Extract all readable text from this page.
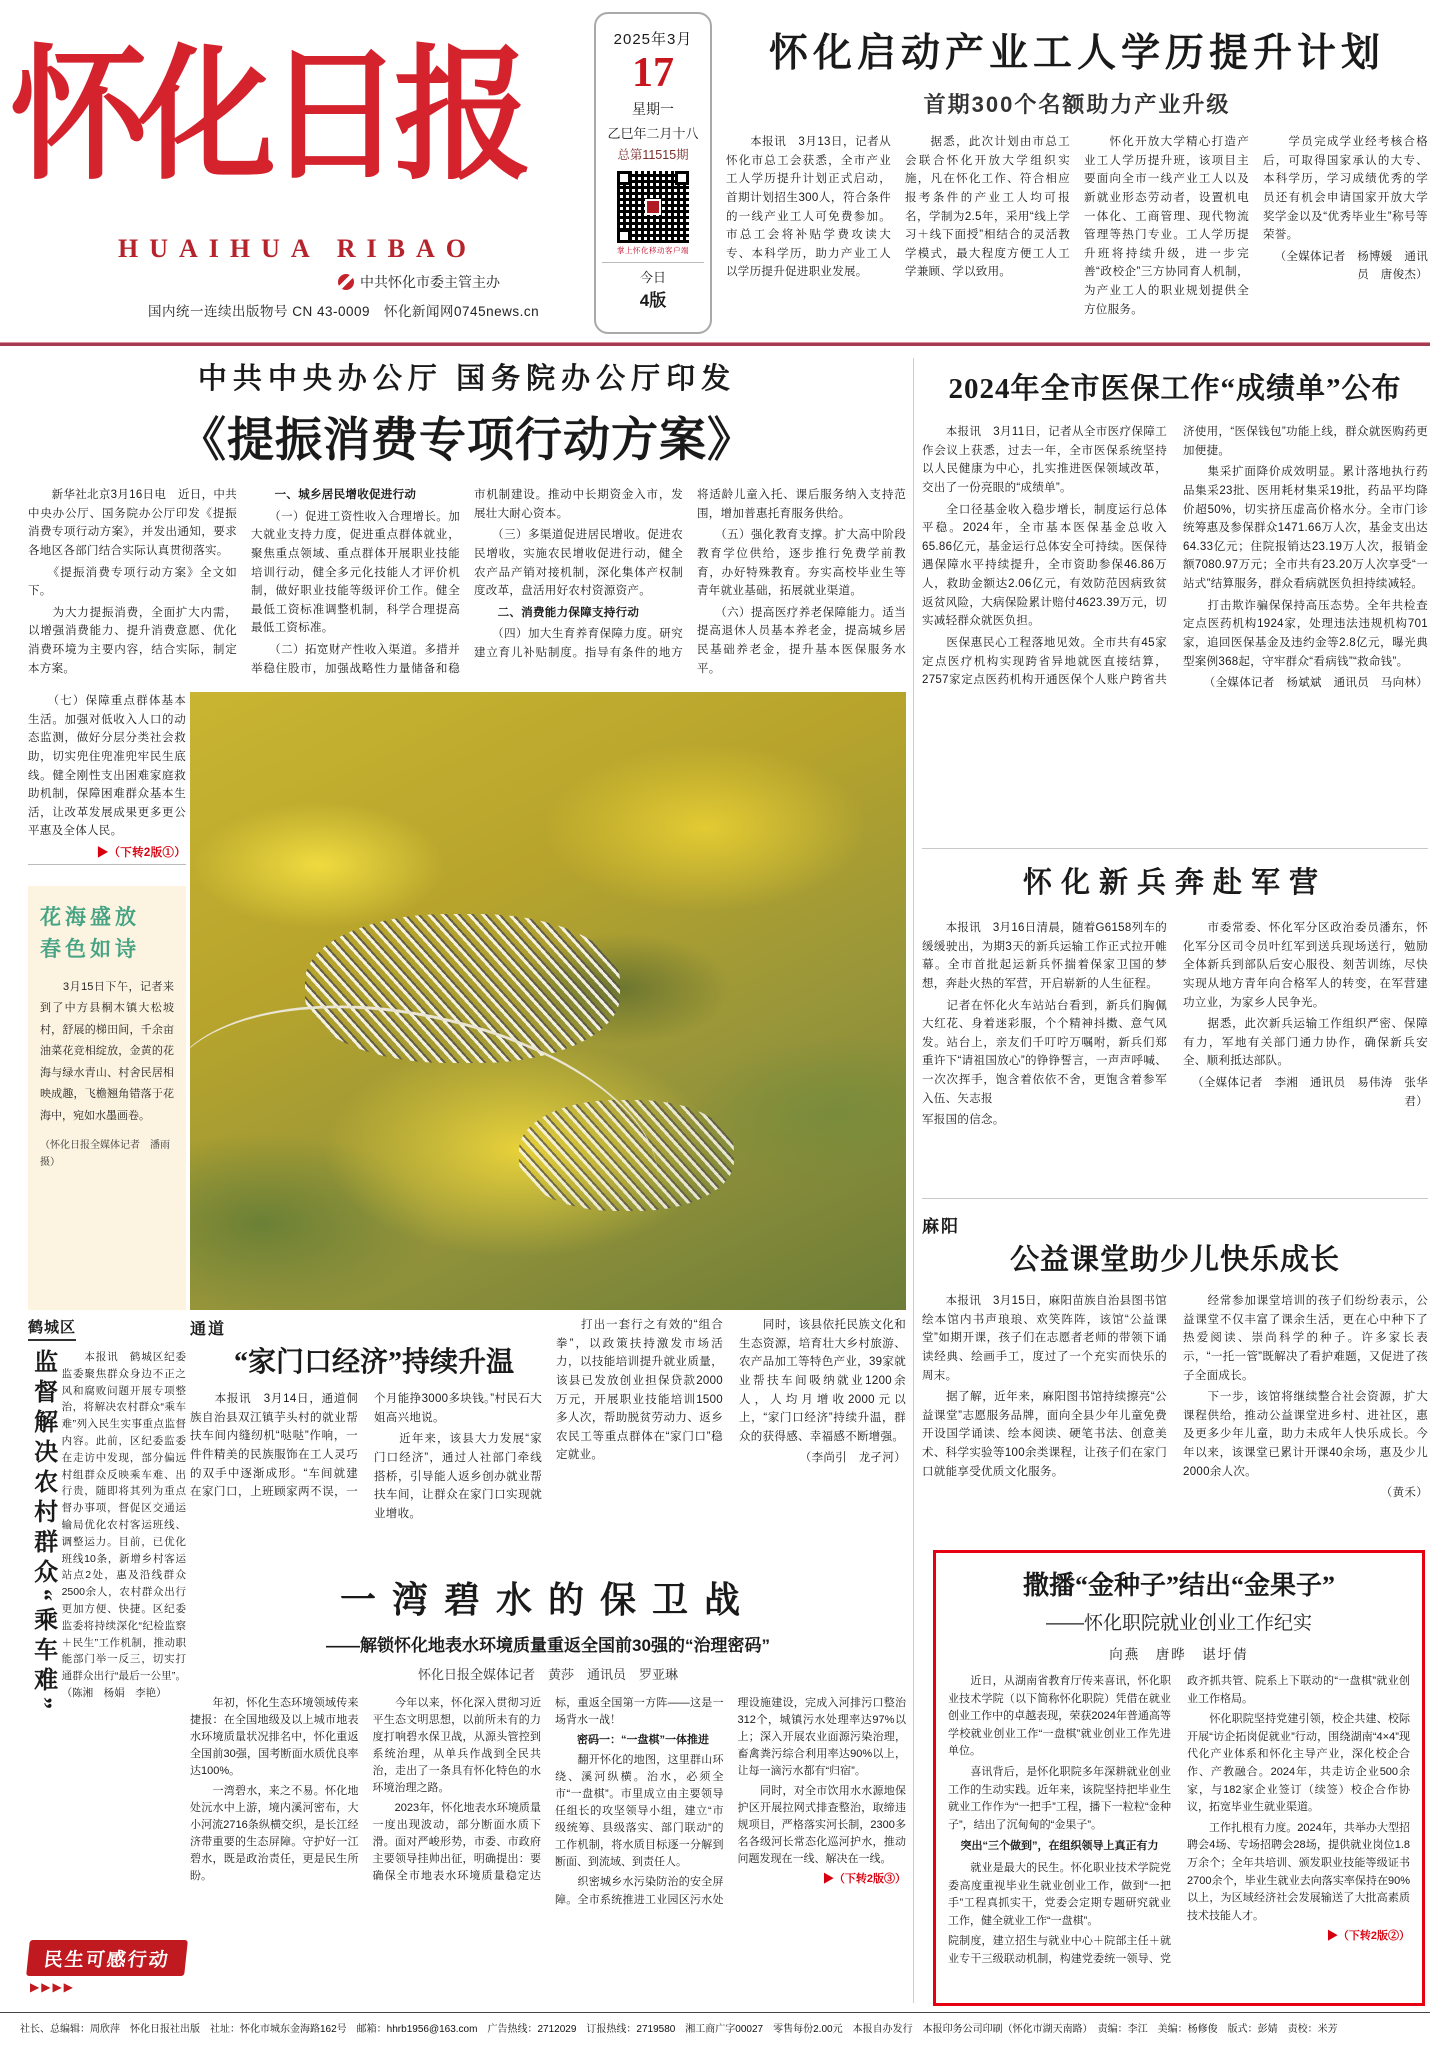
怀化日报
HUAIHUA RIBAO
中共怀化市委主管主办
国内统一连续出版物号 CN 43-0009　怀化新闻网0745news.cn
2025年3月
17
星期一
乙巳年二月十八
总第11515期
掌上怀化移动客户端
今日
4版
怀化启动产业工人学历提升计划
首期300个名额助力产业升级

　　本报讯　3月13日，记者从怀化市总工会获悉，全市产业工人学历提升计划正式启动，首期计划招生300人，符合条件的一线产业工人可免费参加。市总工会将补贴学费攻读大专、本科学历，助力产业工人以学历提升促进职业发展。

　　据悉，此次计划由市总工会联合怀化开放大学组织实施，凡在怀化工作、符合相应报考条件的产业工人均可报名，学制为2.5年，采用“线上学习＋线下面授”相结合的灵活教学模式，最大程度方便工人工学兼顾、学以致用。

　　怀化开放大学精心打造产业工人学历提升班，该项目主要面向全市一线产业工人以及新就业形态劳动者，设置机电一体化、工商管理、现代物流管理等热门专业。工人学历提升班将持续升级，进一步完善“政校企”三方协同育人机制，为产业工人的职业规划提供全方位服务。

　　学员完成学业经考核合格后，可取得国家承认的大专、本科学历，学习成绩优秀的学员还有机会申请国家开放大学奖学金以及“优秀毕业生”称号等荣誉。

（全媒体记者　杨博媛　通讯员　唐俊杰）

中共中央办公厅 国务院办公厅印发
《提振消费专项行动方案》

　　新华社北京3月16日电　近日，中共中央办公厅、国务院办公厅印发《提振消费专项行动方案》，并发出通知，要求各地区各部门结合实际认真贯彻落实。

　　《提振消费专项行动方案》全文如下。

　　为大力提振消费，全面扩大内需，以增强消费能力、提升消费意愿、优化消费环境为主要内容，结合实际，制定本方案。

　　一、城乡居民增收促进行动

　　（一）促进工资性收入合理增长。加大就业支持力度，促进重点群体就业，聚焦重点领域、重点群体开展职业技能培训行动，健全多元化技能人才评价机制，做好职业技能等级评价工作。健全最低工资标准调整机制，科学合理提高最低工资标准。

　　（二）拓宽财产性收入渠道。多措并举稳住股市，加强战略性力量储备和稳市机制建设。推动中长期资金入市，发展壮大耐心资本。

　　（三）多渠道促进居民增收。促进农民增收，实施农民增收促进行动，健全农产品产销对接机制，深化集体产权制度改革，盘活用好农村资源资产。

　　二、消费能力保障支持行动

　　（四）加大生育养育保障力度。研究建立育儿补贴制度。指导有条件的地方将适龄儿童入托、课后服务纳入支持范围，增加普惠托育服务供给。

　　（五）强化教育支撑。扩大高中阶段教育学位供给，逐步推行免费学前教育，办好特殊教育。夯实高校毕业生等青年就业基础，拓展就业渠道。

　　（六）提高医疗养老保障能力。适当提高退休人员基本养老金，提高城乡居民基础养老金，提升基本医保服务水平。

　　（七）保障重点群体基本生活。加强对低收入人口的动态监测，做好分层分类社会救助，切实兜住兜准兜牢民生底线。健全刚性支出困难家庭救助机制，保障困难群众基本生活，让改革发展成果更多更公平惠及全体人民。

▶（下转2版①）

花海盛放
春色如诗
　　3月15日下午，记者来到了中方县桐木镇大松坡村，舒展的梯田间，千余亩油菜花竞相绽放，金黄的花海与绿水青山、村舍民居相映成趣，飞檐翘角错落于花海中，宛如水墨画卷。
（怀化日报全媒体记者　潘雨　摄）
2024年全市医保工作“成绩单”公布

　　本报讯　3月11日，记者从全市医疗保障工作会议上获悉，过去一年，全市医保系统坚持以人民健康为中心，扎实推进医保领域改革，交出了一份亮眼的“成绩单”。

　　全口径基金收入稳步增长，制度运行总体平稳。2024年，全市基本医保基金总收入65.86亿元，基金运行总体安全可持续。医保待遇保障水平持续提升，全市资助参保46.86万人，救助金额达2.06亿元，有效防范因病致贫返贫风险，大病保险累计赔付4623.39万元，切实减轻群众就医负担。

　　医保惠民心工程落地见效。全市共有45家定点医疗机构实现跨省异地就医直接结算，2757家定点医药机构开通医保个人账户跨省共济使用，“医保钱包”功能上线，群众就医购药更加便捷。

　　集采扩面降价成效明显。累计落地执行药品集采23批、医用耗材集采19批，药品平均降价超50%，切实挤压虚高价格水分。全市门诊统筹惠及参保群众1471.66万人次，基金支出达64.33亿元；住院报销达23.19万人次，报销金额7080.97万元；全市共有23.20万人次享受“一站式”结算服务，群众看病就医负担持续减轻。

　　打击欺诈骗保保持高压态势。全年共检查定点医药机构1924家，处理违法违规机构701家，追回医保基金及违约金等2.8亿元，曝光典型案例368起，守牢群众“看病钱”“救命钱”。

（全媒体记者　杨斌斌　通讯员　马向林）

怀化新兵奔赴军营

　　本报讯　3月16日清晨，随着G6158列车的缓缓驶出，为期3天的新兵运输工作正式拉开帷幕。全市首批起运新兵怀揣着保家卫国的梦想，奔赴火热的军营，开启崭新的人生征程。

　　记者在怀化火车站站台看到，新兵们胸佩大红花、身着迷彩服，个个精神抖擞、意气风发。站台上，亲友们千叮咛万嘱咐，新兵们郑重许下“请祖国放心”的铮铮誓言，一声声呼喊、一次次挥手，饱含着依依不舍，更饱含着参军入伍、矢志报

军报国的信念。

　　市委常委、怀化军分区政治委员潘东，怀化军分区司令员叶红军到送兵现场送行，勉励全体新兵到部队后安心服役、刻苦训练，尽快实现从地方青年向合格军人的转变，在军营建功立业，为家乡人民争光。

　　据悉，此次新兵运输工作组织严密、保障有力，军地有关部门通力协作，确保新兵安全、顺利抵达部队。

（全媒体记者　李湘　通讯员　易伟涛　张华君）

麻阳
公益课堂助少儿快乐成长

　　本报讯　3月15日，麻阳苗族自治县图书馆绘本馆内书声琅琅、欢笑阵阵，该馆“公益课堂”如期开课，孩子们在志愿者老师的带领下诵读经典、绘画手工，度过了一个充实而快乐的周末。

　　据了解，近年来，麻阳图书馆持续擦亮“公益课堂”志愿服务品牌，面向全县少年儿童免费开设国学诵读、绘本阅读、硬笔书法、创意美术、科学实验等100余类课程，让孩子们在家门口就能享受优质文化服务。

　　经常参加课堂培训的孩子们纷纷表示，公益课堂不仅丰富了课余生活，更在心中种下了热爱阅读、崇尚科学的种子。许多家长表示，“一托一管”既解决了看护难题，又促进了孩子全面成长。

　　下一步，该馆将继续整合社会资源，扩大课程供给，推动公益课堂进乡村、进社区，惠及更多少年儿童，助力未成年人快乐成长。今年以来，该课堂已累计开课40余场，惠及少儿2000余人次。

（黄禾）

撒播“金种子”结出“金果子”
——怀化职院就业创业工作纪实
向燕　唐晔　谌圩倩

　　近日，从湖南省教育厅传来喜讯，怀化职业技术学院（以下简称怀化职院）凭借在就业创业工作中的卓越表现，荣获2024年普通高等学校就业创业工作“一盘棋”就业创业工作先进单位。

　　喜讯背后，是怀化职院多年深耕就业创业工作的生动实践。近年来，该院坚持把毕业生就业工作作为“一把手”工程，播下一粒粒“金种子”，结出了沉甸甸的“金果子”。

突出“三个做到”，在组织领导上真正有力

　　就业是最大的民生。怀化职业技术学院党委高度重视毕业生就业创业工作，做到“一把手”工程真抓实干，党委会定期专题研究就业工作，健全就业工作“一盘棋”。

院制度，建立招生与就业中心＋院部主任＋就业专干三级联动机制，构建党委统一领导、党政齐抓共管、院系上下联动的“一盘棋”就业创业工作格局。

　　怀化职院坚持党建引领，校企共建、校际开展“访企拓岗促就业”行动，围绕湖南“4×4”现代化产业体系和怀化主导产业，深化校企合作、产教融合。2024年，共走访企业500余家，与182家企业签订（续签）校企合作协议，拓宽毕业生就业渠道。

　　工作扎根有力度。2024年，共举办大型招聘会4场、专场招聘会28场，提供就业岗位1.8万余个；全年共培训、颁发职业技能等级证书2700余个，毕业生就业去向落实率保持在90%以上，为区域经济社会发展输送了大批高素质技术技能人才。

▶（下转2版②）

通道
“家门口经济”持续升温

　　本报讯　3月14日，通道侗族自治县双江镇芋头村的就业帮扶车间内缝纫机“哒哒”作响，一件件精美的民族服饰在工人灵巧的双手中逐渐成形。“车间就建在家门口，上班顾家两不误，一个月能挣3000多块钱。”村民石大姐高兴地说。

　　近年来，该县大力发展“家门口经济”，通过人社部门牵线搭桥，引导能人返乡创办就业帮扶车间，让群众在家门口实现就业增收。

　　打出一套行之有效的“组合拳”，以政策扶持激发市场活力，以技能培训提升就业质量，该县已发放创业担保贷款2000万元，开展职业技能培训1500多人次，帮助脱贫劳动力、返乡农民工等重点群体在“家门口”稳定就业。

　　同时，该县依托民族文化和生态资源，培育壮大乡村旅游、农产品加工等特色产业，39家就业帮扶车间吸纳就业1200余人，人均月增收2000元以上，“家门口经济”持续升温，群众的获得感、幸福感不断增强。

（李尚引　龙孑河）

一湾碧水的保卫战
——解锁怀化地表水环境质量重返全国前30强的“治理密码”
怀化日报全媒体记者　黄莎　通讯员　罗亚琳

　　年初，怀化生态环境领域传来捷报：在全国地级及以上城市地表水环境质量状况排名中，怀化重返全国前30强，国考断面水质优良率达100%。

　　一湾碧水，来之不易。怀化地处沅水中上游，境内溪河密布，大小河流2716条纵横交织，是长江经济带重要的生态屏障。守护好一江碧水，既是政治责任，更是民生所盼。

　　今年以来，怀化深入贯彻习近平生态文明思想，以前所未有的力度打响碧水保卫战，从源头管控到系统治理，从单兵作战到全民共治，走出了一条具有怀化特色的水环境治理之路。

　　2023年，怀化地表水环境质量一度出现波动，部分断面水质下滑。面对严峻形势，市委、市政府主要领导挂帅出征，明确提出：要确保全市地表水环境质量稳定达标，重返全国第一方阵——这是一场背水一战！

　　密码一：“一盘棋”一体推进

　　翻开怀化的地图，这里群山环绕、溪河纵横。治水，必须全市“一盘棋”。市里成立由主要领导任组长的攻坚领导小组，建立“市级统筹、县级落实、部门联动”的工作机制，将水质目标逐一分解到断面、到流域、到责任人。

　　织密城乡水污染防治的安全屏障。全市系统推进工业园区污水处理设施建设，完成入河排污口整治312个，城镇污水处理率达97%以上；深入开展农业面源污染治理，畜禽粪污综合利用率达90%以上，让每一滴污水都有“归宿”。

　　同时，对全市饮用水水源地保护区开展拉网式排查整治，取缔违规项目，严格落实河长制，2300多名各级河长常态化巡河护水，推动问题发现在一线、解决在一线。

▶（下转2版③）

鹤城区
监督解决农村群众“乘车难” 　　本报讯　鹤城区纪委监委聚焦群众身边不正之风和腐败问题开展专项整治，将解决农村群众“乘车难”列入民生实事重点监督内容。此前，区纪委监委在走访中发现，部分偏远村组群众反映乘车难、出行贵，随即将其列为重点督办事项，督促区交通运输局优化农村客运班线、调整运力。目前，已优化班线10条，新增乡村客运站点2处，惠及沿线群众2500余人，农村群众出行更加方便、快捷。区纪委监委将持续深化“纪检监察＋民生”工作机制，推动职能部门举一反三，切实打通群众出行“最后一公里”。（陈湘　杨娟　李艳）
民生可感行动
▶▶▶▶
社长、总编辑：周欣萍　怀化日报社出版　社址：怀化市城东金海路162号　邮箱：hhrb1956@163.com　广告热线：2712029　订报热线：2719580　湘工商广字00027　零售每份2.00元　本报自办发行　本报印务公司印刷（怀化市湖天南路）　责编：李江　美编：杨修俊　版式：彭婧　责校：米芳
